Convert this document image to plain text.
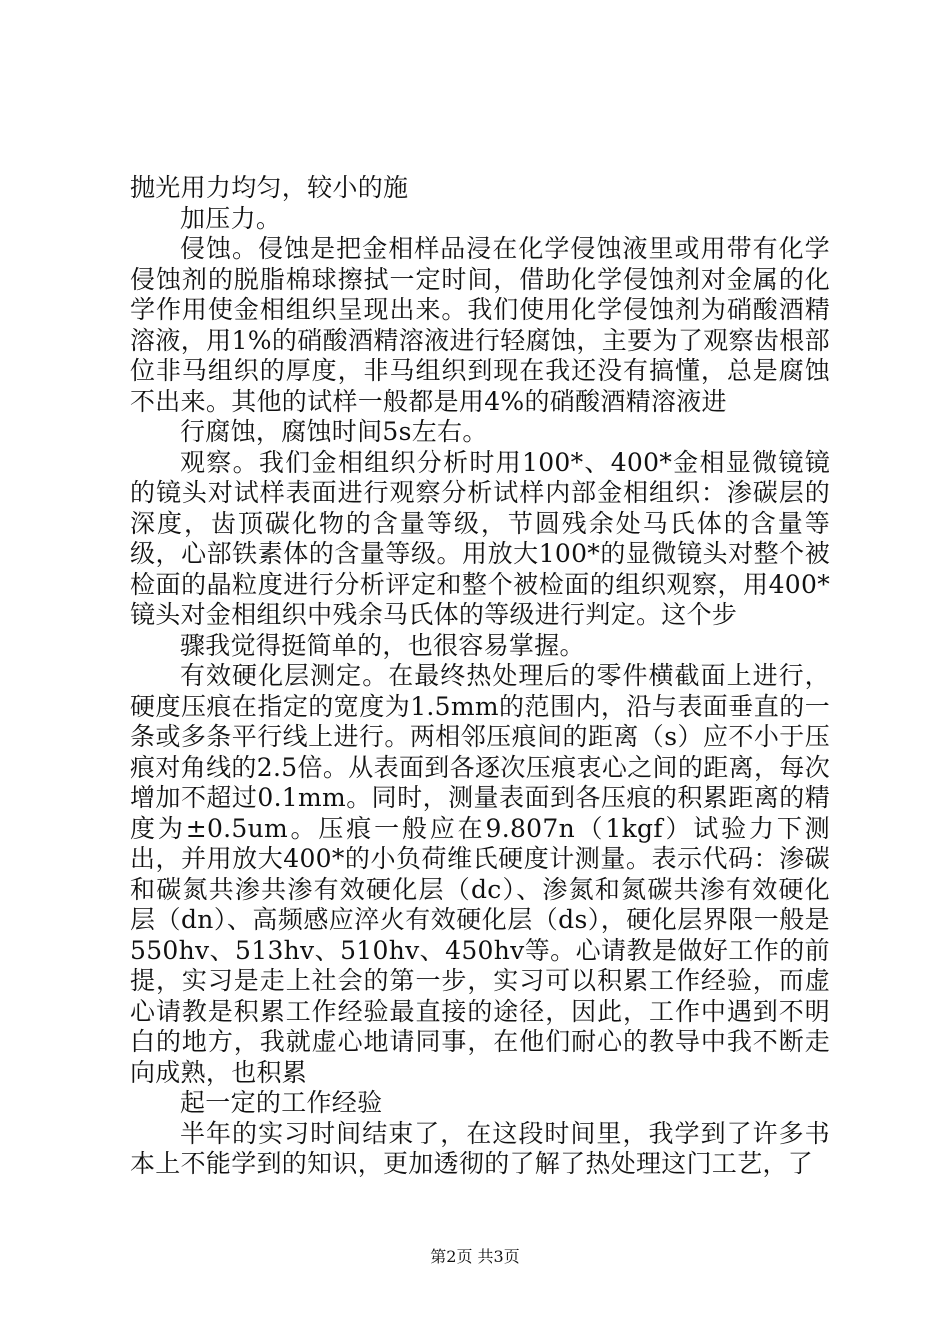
抛光用力均匀，较小的施

加压力。

侵蚀。侵蚀是把金相样品浸在化学侵蚀液里或用带有化学侵蚀剂的脱脂棉球擦拭一定时间，借助化学侵蚀剂对金属的化学作用使金相组织呈现出来。我们使用化学侵蚀剂为硝酸酒精溶液，用1%的硝酸酒精溶液进行轻腐蚀，主要为了观察齿根部位非马组织的厚度，非马组织到现在我还没有搞懂，总是腐蚀不出来。其他的试样一般都是用4%的硝酸酒精溶液进

行腐蚀，腐蚀时间5s左右。

观察。我们金相组织分析时用100*、400*金相显微镜镜的镜头对试样表面进行观察分析试样内部金相组织：渗碳层的深度，齿顶碳化物的含量等级，节圆残余处马氏体的含量等级，心部铁素体的含量等级。用放大100*的显微镜头对整个被检面的晶粒度进行分析评定和整个被检面的组织观察，用400*镜头对金相组织中残余马氏体的等级进行判定。这个步

骤我觉得挺简单的，也很容易掌握。

有效硬化层测定。在最终热处理后的零件横截面上进行，硬度压痕在指定的宽度为1.5mm的范围内，沿与表面垂直的一条或多条平行线上进行。两相邻压痕间的距离（s）应不小于压痕对角线的2.5倍。从表面到各逐次压痕衷心之间的距离，每次增加不超过0.1mm。同时，测量表面到各压痕的积累距离的精度为±0.5um。压痕一般应在9.807n（1kgf）试验力下测出，并用放大400*的小负荷维氏硬度计测量。表示代码：渗碳和碳氮共渗共渗有效硬化层（dc）、渗氮和氮碳共渗有效硬化层（dn）、高频感应淬火有效硬化层（ds），硬化层界限一般是550hv、513hv、510hv、450hv等。心请教是做好工作的前提，实习是走上社会的第一步，实习可以积累工作经验，而虚心请教是积累工作经验最直接的途径，因此，工作中遇到不明白的地方，我就虚心地请同事，在他们耐心的教导中我不断走向成熟，也积累

起一定的工作经验

半年的实习时间结束了，在这段时间里，我学到了许多书本上不能学到的知识，更加透彻的了解了热处理这门工艺，了

第2页 共3页
